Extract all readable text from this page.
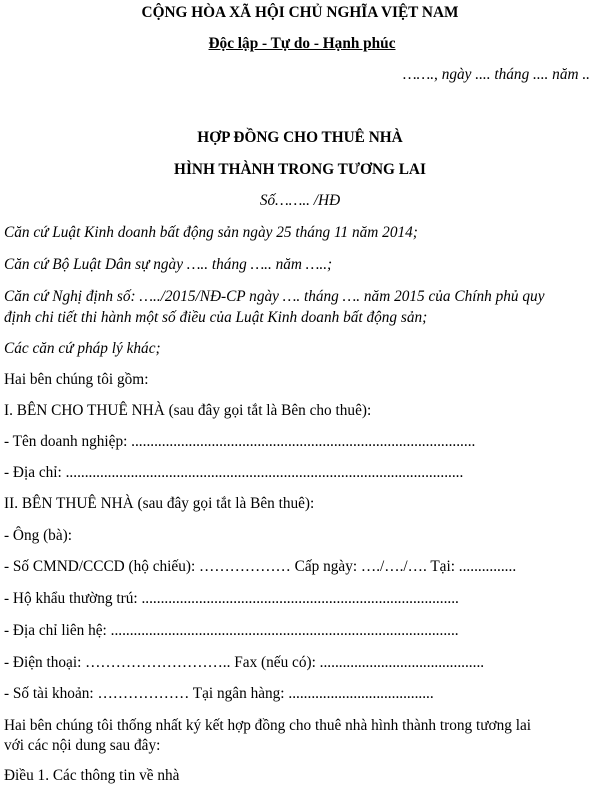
CỘNG HÒA XÃ HỘI CHỦ NGHĨA VIỆT NAM
Độc lập - Tự do - Hạnh phúc
……., ngày .... tháng .... năm ..
HỢP ĐỒNG CHO THUÊ NHÀ
HÌNH THÀNH TRONG TƯƠNG LAI
Số…….. /HĐ
Căn cứ Luật Kinh doanh bất động sản ngày 25 tháng 11 năm 2014;
Căn cứ Bộ Luật Dân sự ngày ….. tháng ….. năm …..;
Căn cứ Nghị định số: …../2015/NĐ-CP ngày …. tháng …. năm 2015 của Chính phủ quy
định chi tiết thi hành một số điều của Luật Kinh doanh bất động sản;
Các căn cứ pháp lý khác;
Hai bên chúng tôi gồm:
I. BÊN CHO THUÊ NHÀ (sau đây gọi tắt là Bên cho thuê):
- Tên doanh nghiệp: ..........................................................................................
- Địa chỉ: ........................................................................................................
II. BÊN THUÊ NHÀ (sau đây gọi tắt là Bên thuê):
- Ông (bà):
- Số CMND/CCCD (hộ chiếu): ……………… Cấp ngày: …./…./…. Tại: ...............
- Hộ khẩu thường trú: ...................................................................................
- Địa chỉ liên hệ: ...........................................................................................
- Điện thoại: ……………………….. Fax (nếu có): ...........................................
- Số tài khoản: ……………… Tại ngân hàng: ......................................
Hai bên chúng tôi thống nhất ký kết hợp đồng cho thuê nhà hình thành trong tương lai
với các nội dung sau đây:
Điều 1. Các thông tin về nhà
